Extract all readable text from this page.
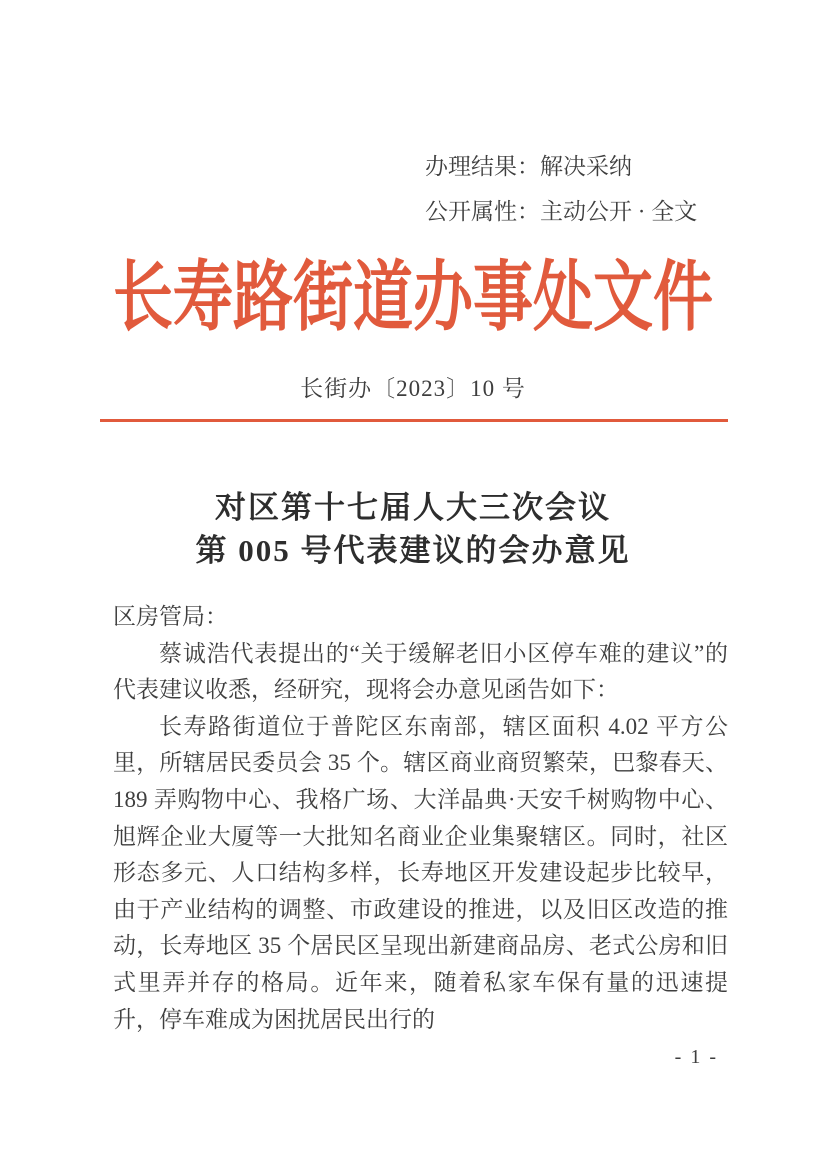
办理结果：解决采纳
公开属性：主动公开 · 全文
长寿路街道办事处文件
长街办〔2023〕10 号
对区第十七届人大三次会议
第 005 号代表建议的会办意见

区房管局：

蔡诚浩代表提出的“关于缓解老旧小区停车难的建议”的代表建议收悉，经研究，现将会办意见函告如下：

长寿路街道位于普陀区东南部，辖区面积 4.02 平方公里，所辖居民委员会 35 个。辖区商业商贸繁荣，巴黎春天、189 弄购物中心、我格广场、大洋晶典·天安千树购物中心、旭辉企业大厦等一大批知名商业企业集聚辖区。同时，社区形态多元、人口结构多样，长寿地区开发建设起步比较早，由于产业结构的调整、市政建设的推进，以及旧区改造的推动，长寿地区 35 个居民区呈现出新建商品房、老式公房和旧式里弄并存的格局。近年来，随着私家车保有量的迅速提升，停车难成为困扰居民出行的

- 1 -
